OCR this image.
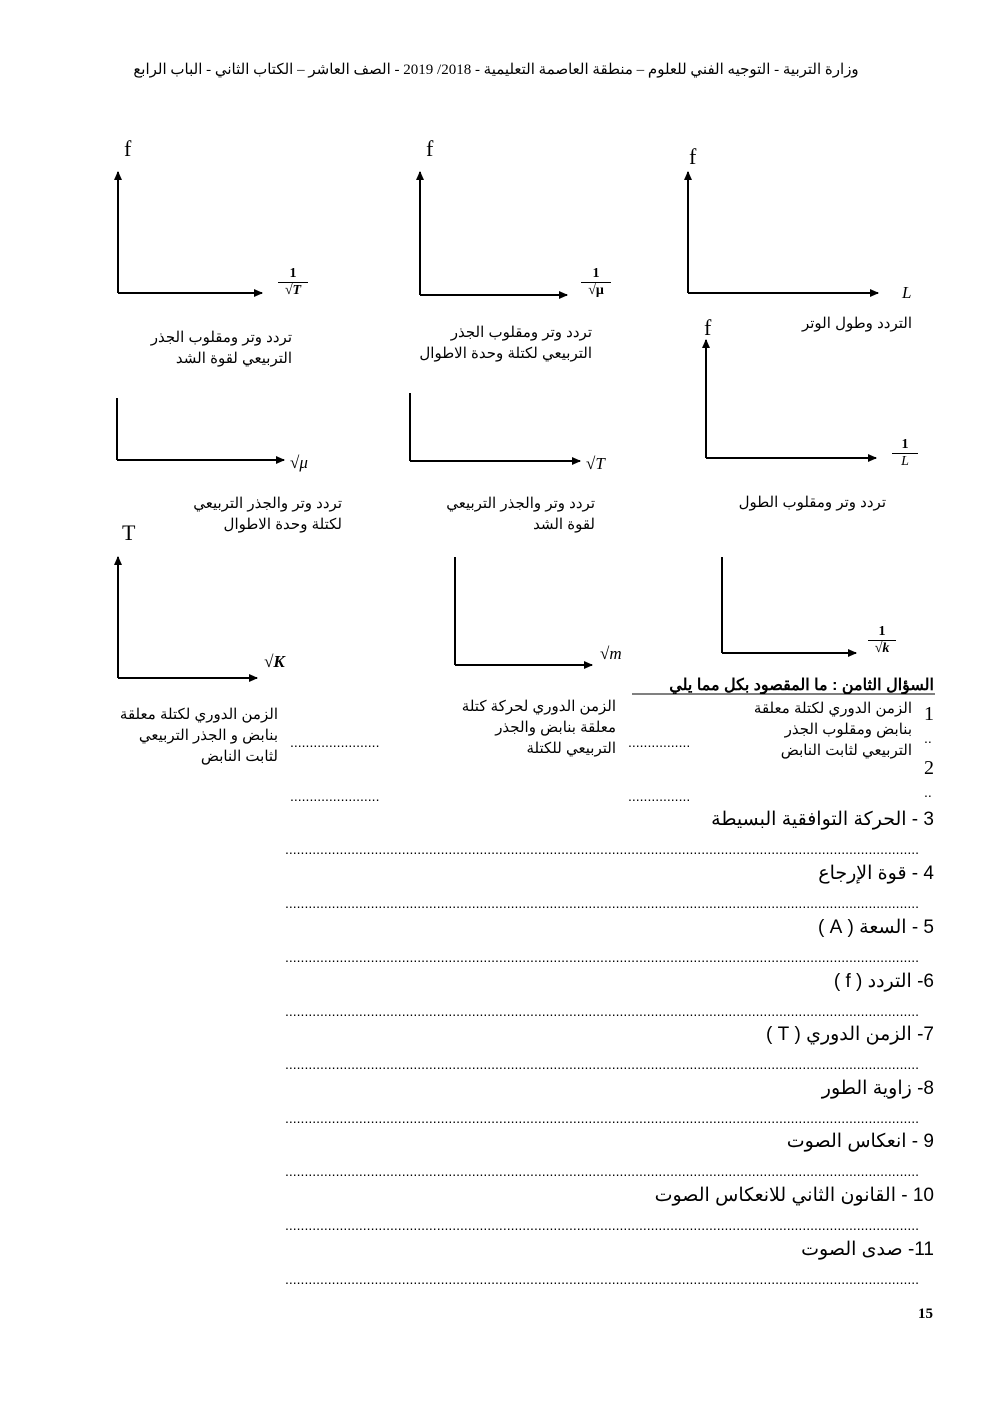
وزارة التربية - التوجيه الفني للعلوم – منطقة العاصمة التعليمية - 2018/ 2019 - الصف العاشر – الكتاب الثاني - الباب الرابع
f
$\frac{1}{√T}$
تردد وتر ومقلوب الجذر
التربيعي لقوة الشد
f
$\frac{1}{√\mu}$
تردد وتر ومقلوب الجذر
التربيعي لكتلة وحدة الاطوال
f
L
التردد وطول الوتر
√μ
تردد وتر والجذر التربيعي
لكتلة وحدة الاطوال
√T
تردد وتر والجذر التربيعي
لقوة الشد
f
$\frac{1}{L}$
تردد وتر ومقلوب الطول
T
√K
الزمن الدوري لكتلة معلقة
بنابض و الجذر التربيعي
لثابت النابض
√m
الزمن الدوري لحركة كتلة
معلقة بنابض والجذر
التربيعي للكتلة
$\frac{1}{√k}$
السؤال الثامن : ما المقصود بكل مما يلي
الزمن الدوري لكتلة معلقة
بنابض ومقلوب الجذر
التربيعي لثابت النابض
1
..
2
..
.......................	................
.......................	................
3 - الحركة التوافقية البسيطة
...................................................................................................................................................................
4 - قوة الإرجاع
...................................................................................................................................................................
5 - السعة ( A )
...................................................................................................................................................................
6- التردد ( f )
...................................................................................................................................................................
7- الزمن الدوري ( T )
...................................................................................................................................................................
8- زاوية الطور
...................................................................................................................................................................
9 - انعكاس الصوت
...................................................................................................................................................................
10 - القانون الثاني للانعكاس الصوت
...................................................................................................................................................................
11- صدى الصوت
...................................................................................................................................................................
15
